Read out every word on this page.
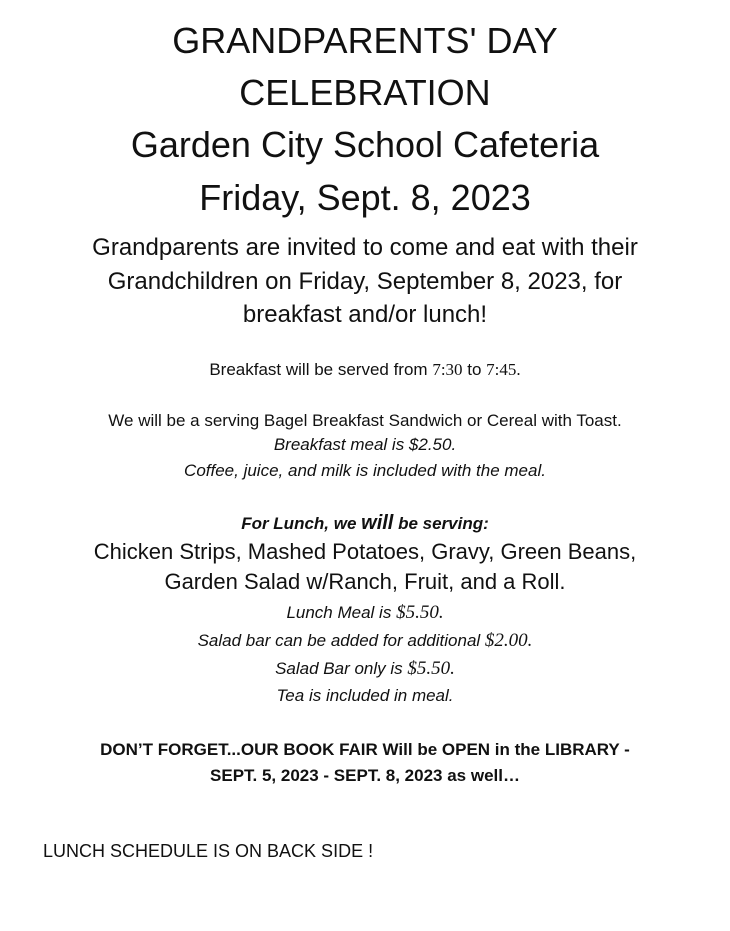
GRANDPARENTS' DAY
CELEBRATION
Garden City School Cafeteria
Friday, Sept. 8, 2023
Grandparents are invited to come and eat with their
Grandchildren on Friday, September 8, 2023, for
breakfast and/or lunch!
Breakfast will be served from 7:30 to 7:45.
We will be a serving Bagel Breakfast Sandwich or Cereal with Toast.
Breakfast meal is $2.50.
Coffee, juice, and milk is included with the meal.
For Lunch, we will be serving:
Chicken Strips, Mashed Potatoes, Gravy, Green Beans,
Garden Salad w/Ranch, Fruit, and a Roll.
Lunch Meal is $5.50.
Salad bar can be added for additional $2.00.
Salad Bar only is $5.50.
Tea is included in meal.
DON’T FORGET...OUR BOOK FAIR Will be OPEN in the LIBRARY -
SEPT. 5, 2023 - SEPT. 8, 2023 as well…
LUNCH SCHEDULE IS ON BACK SIDE !
